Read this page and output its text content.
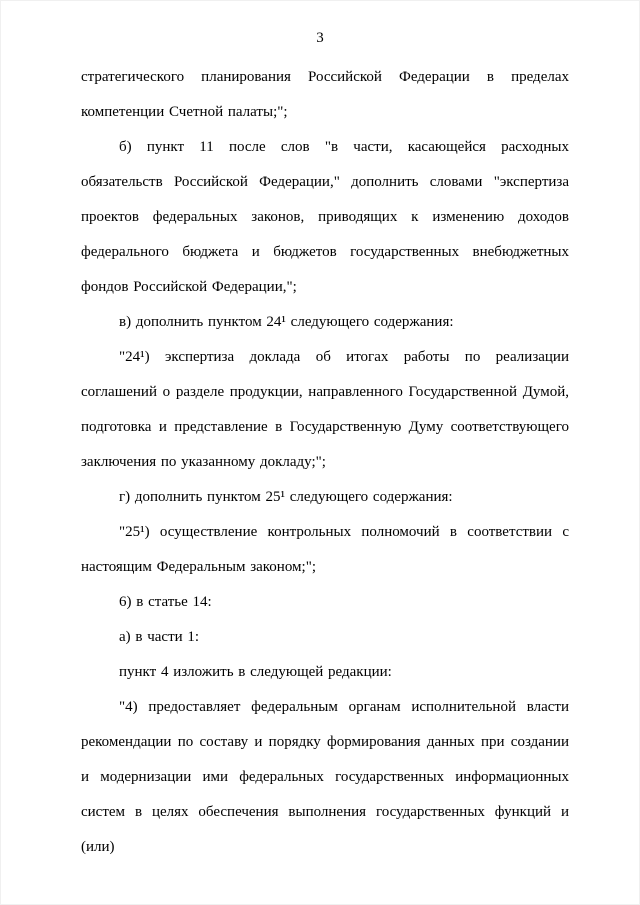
3

стратегического планирования Российской Федерации в пределах компетенции Счетной палаты;";

б) пункт 11 после слов "в части, касающейся расходных обязательств Российской Федерации," дополнить словами "экспертиза проектов федеральных законов, приводящих к изменению доходов федерального бюджета и бюджетов государственных внебюджетных фондов Российской Федерации,";

в) дополнить пунктом 24¹ следующего содержания:

"24¹) экспертиза доклада об итогах работы по реализации соглашений о разделе продукции, направленного Государственной Думой, подготовка и представление в Государственную Думу соответствующего заключения по указанному докладу;";

г) дополнить пунктом 25¹ следующего содержания:

"25¹) осуществление контрольных полномочий в соответствии с настоящим Федеральным законом;";

6) в статье 14:

а) в части 1:

пункт 4 изложить в следующей редакции:

"4) предоставляет федеральным органам исполнительной власти рекомендации по составу и порядку формирования данных при создании и модернизации ими федеральных государственных информационных систем в целях обеспечения выполнения государственных функций и (или)
